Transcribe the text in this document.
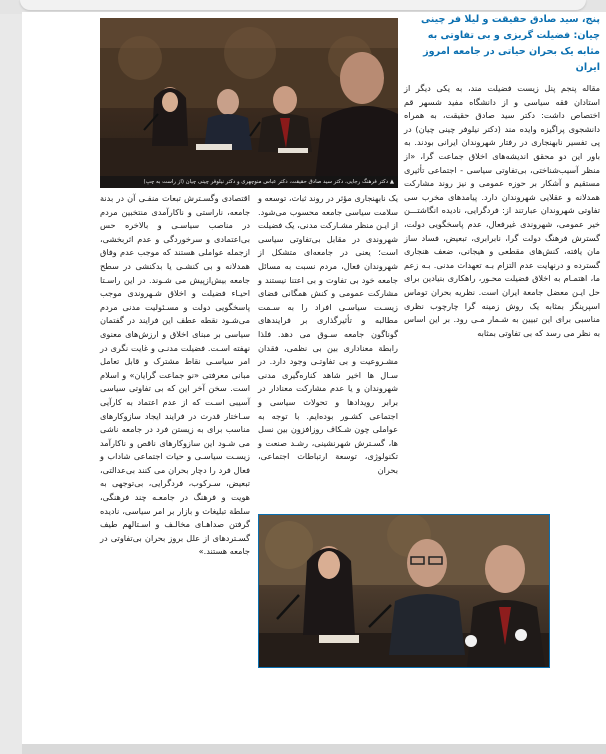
پنج، سید صادق حقیقت و لیلا فر چینی چیان: فضیلت گریزی و بی تفاوتی به مثابه یک بحران حیاتی در جامعه امروز ایران

مقاله پنجم پنل زیست فضیلت مند، به یکی دیگر از استادان فقه سیاسی و از دانشگاه مفید شسهر قم اختصاص داشت: دکتر سید صادق حقیقت، به همراه دانشجوی پراگیزه وایده مند (دکتر نیلوفر چینی چیان) در پی تفسیر نابهنجاری در رفتار شهروندان ایرانی بودند. به باور این دو محقق اندیشه‌های اخلاق جماعت گرا، «از منظر آسیب‌شناختی، بی‌تفاوتی سیاسی - اجتماعی تأثیری مستقیم و آشکار بر حوزه عمومی و نیز روند مشارکت همدلانه و عقلایی شهروندان دارد. پیامدهای مخرب سی تفاوتی شهروندان عبارتند از: فردگرایی، نادیده انگاشتـــن خیر عمومی، شهروندی غیرفعال، عدم پاسخگویی دولت، گسترش فرهنگ دولت گرا، نابرابری، تبعیض، فساد ساز مان یافته، کنش‌های مقطعی و هیجانی، ضعف هنجاری گسترده و درنهایت عدم التزام بـه تعهدات مدنی. بـه زعم ما، اهتمـام به اخلاق فضیلت محـور، راهکاری بنیادین برای حل ایـن معضل جامعة ایران است. نظریه بحران توماس اسپرینگز بمثابه یک روش زمینه گرا چارچوب نظری مناسبی برای این تبیین به شـمار مـی رود. بر این اساس به نظر می رسد که بی تفاوتی بمثابه

▲ دکتر فرهنگ رجایی، دکتر سید صادق حقیقت، دکتر عباس منوچهری و دکتر نیلوفر چینی چیان (از راست به چپ)

یک نابهنجاری مؤثر در روند ثبات، توسعه و سلامت سیاسی جامعه محسوب می‌شود. از ایـن منظر مشـارکت مدنی، یک فضیلت شهروندی در مقابل بی‌تفاوتی سیاسی است؛ یعنی در جامعه‌ای متشکل از شهروندان فعال، مردم نسبت به مسائل جامعه خود بی تفاوت و بی اعتنا نیستند و مشارکت عمومی و کنش همگانی فضای زیسـت سیاسـی افراد را به سـمت مطالبه و تأثیرگذاری بر فرایندهای گوناگون جامعه سـوق می دهد. فلذا رابطة معناداری بین بی نظمی، فقدان مشـروعیت و بی تفاوتـی وجود دارد. در سـال ها اخیر شاهد کناره‌گیری مدنی شهروندان و یا عدم مشارکت معنادار در برابر رویدادها و تحولات سیاسی و اجتماعی کشـور بوده‌ایم. با توجه به عواملی چون شـکاف روزافزون بین نسل ها، گسـترش شهرنشینی، رشـد صنعت و تکنولوژی، توسعة ارتباطات اجتماعی، بحران

اقتصادی وگسـترش تبعات منفـی آن در بدنة جامعه، ناراستی و ناکارآمدی منتخبین مردم در مناصب سیاسـی و بالاخره حس بی‌اعتمادی و سرخوردگی و عدم اثربخشی، ازجمله عواملی هستند که موجب عدم وفاق همدلانه و بی کنشـی یا بدکنشی در سطح جامعه بیش‌ازپیش می شـوند. در این راسـتا احیـاء فضیلت و اخلاق شـهروندی موجب پاسخگویی دولت و مسـئولیت مدنی مردم می‌شـود نقطه عطف این فرایند در گفتمان سیاسی بر مبنای اخلاق و ارزش‌های معنوی نهفته اسـت. فضیلت مدنـی و غایت نگری در امر سیاسـی نقاط مشترک و قابل تعامل مبانی معرفتی «نو جماعت گرایان» و اسلام است. سخن آخر این که بی تفاوتی سیاسی آسیبی اسـت که از عدم اعتماد به کارآیی سـاختار قدرت در فرایند ایجاد سازوکارهای مناسب برای به زیستن فرد در جامعه ناشی می شـود این سازوکارهای ناقص و ناکارآمد زیسـت سیاسـی و حیات اجتماعی شاداب و فعال فرد را دچار بحران می کنند بی‌عدالتی، تبعیض، سـرکوب، فردگرایی، بی‌توجهی به هویت و فرهنگ در جامعـه چند فرهنگی، سلطة تبلیغات و بازار بر امر سیاسی، نادیده گرفتن صداهـای مخالـف و اسـتالهم طیف گسـتردهای از علل بروز بحران بی‌تفاوتی در جامعه هستند.»
